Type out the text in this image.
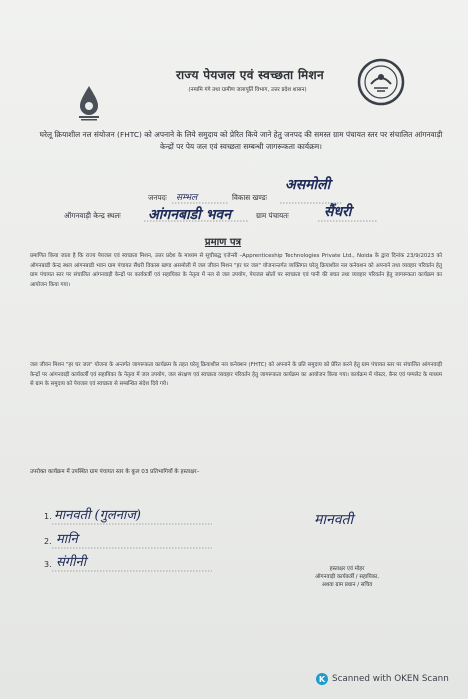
राज्य पेयजल एवं स्वच्छता मिशन
(नमामि गंगे तथा ग्रामीण जलापूर्ति विभाग, उत्तर प्रदेश शासन)
घरेलू क्रियाशील नल संयोजन (FHTC) को अपनाने के लिये समुदाय को प्रेरित किये जाने हेतु जनपद की समस्त ग्राम पंचायत स्तर पर संचालित आंगनवाड़ी केन्द्रों पर पेय जल एवं स्वच्छता सम्बन्धी जागरूकता कार्यक्रम।
जनपदः सम्भल	विकास खण्डः
असमोली
ऑगनवाड़ी केन्द्र स्थलः आंगनबाडी भवन	ग्राम पंचायतः	सैंधरी
प्रमाण पत्र
प्रमाणित किया जाता है कि राज्य पेयजल एवं स्वच्छता मिशन, उत्तर प्रदेश के माध्यम से सूचीबद्ध एजेन्सी –Apprenticeship Technologies Private Ltd., Noida के द्वारा दिनांक 23/9/2023 को ऑगनबाडी केन्द्र स्थल आंगनबाडी भवन ग्राम पंचायत सैंधरी विकास खण्ड असमोली में जल जीवन मिशन "हर घर जल" योजनान्तर्गत व्यक्तिगत घरेलू क्रियाशील नल कनेक्शन को अपनाने तथा व्यवहार परिवर्तन हेतु ग्राम पंचायत स्तर पर संचालित आंगनवाड़ी केन्द्रों पर कार्यकर्त्री एवं सहायिका के नेतृत्व में नल से जल उपयोग, पेयजल स्रोतों पर स्वच्छता एवं पानी की बचत तथा व्यवहार परिवर्तन हेतु जागरूकता कार्यक्रम का आयोजन किया गया।
जल जीवन मिशन "हर घर जल" योजना के अन्तर्गत जागरूकता कार्यक्रम के तहत घरेलू क्रियाशील नल कनेक्शन (FHTC) को अपनाने के प्रति समुदाय को प्रेरित करने हेतु ग्राम पंचायत स्तर पर संचालित आंगनवाड़ी केन्द्रों पर आंगनवाड़ी कार्यकर्त्री एवं सहायिका के नेतृत्व में जल उपयोग, जल संरक्षण एवं स्वच्छता व्यवहार परिवर्तन हेतु जागरूकता कार्यक्रम का आयोजन किया गया। कार्यक्रम में पोस्टर, बैनर एवं पम्पलेट के माध्यम से ग्राम के समुदाय को पेयजल एवं स्वच्छता से सम्बन्धित संदेश दिये गये।
उपरोक्त कार्यक्रम में उपस्थित ग्राम पंचायत स्तर के कुल 03 प्रतिभागियों के हस्ताक्षर–
1. मानवती (गुलनाज)
2. मानि
3. संगीनी
मानवती
हस्ताक्षर एवं मोहर
ऑगनवाड़ी कार्यकर्त्री / सहायिका,
अथवा ग्राम प्रधान / सचिव
K Scanned with OKEN Scann
